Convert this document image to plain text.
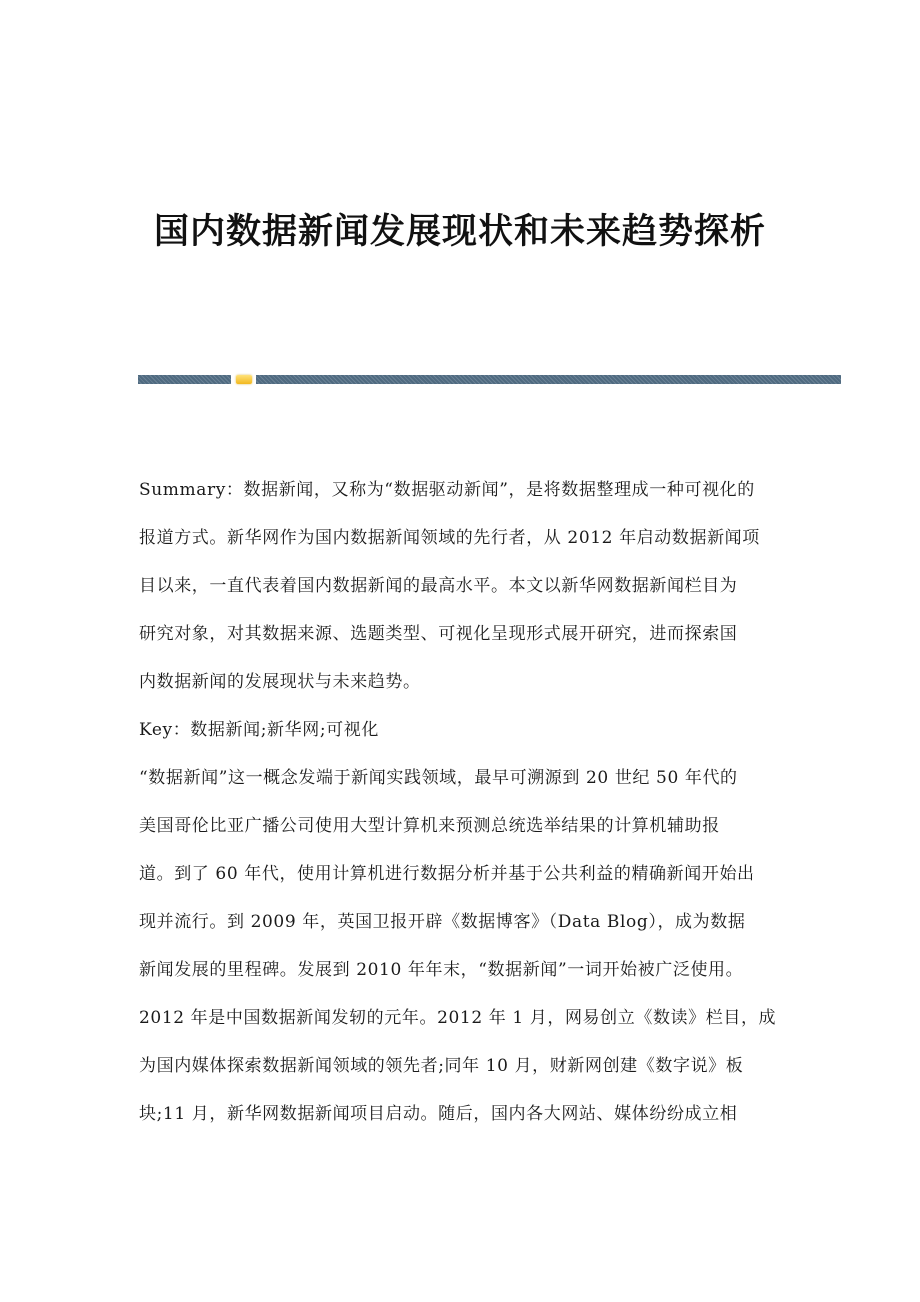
国内数据新闻发展现状和未来趋势探析
Summary：数据新闻，又称为“数据驱动新闻”，是将数据整理成一种可视化的
报道方式。新华网作为国内数据新闻领域的先行者，从 2012 年启动数据新闻项
目以来，一直代表着国内数据新闻的最高水平。本文以新华网数据新闻栏目为
研究对象，对其数据来源、选题类型、可视化呈现形式展开研究，进而探索国
内数据新闻的发展现状与未来趋势。
Key：数据新闻;新华网;可视化
“数据新闻”这一概念发端于新闻实践领域，最早可溯源到 20 世纪 50 年代的
美国哥伦比亚广播公司使用大型计算机来预测总统选举结果的计算机辅助报
道。到了 60 年代，使用计算机进行数据分析并基于公共利益的精确新闻开始出
现并流行。到 2009 年，英国卫报开辟《数据博客》（Data Blog），成为数据
新闻发展的里程碑。发展到 2010 年年末，“数据新闻”一词开始被广泛使用。
2012 年是中国数据新闻发轫的元年。2012 年 1 月，网易创立《数读》栏目，成
为国内媒体探索数据新闻领域的领先者;同年 10 月，财新网创建《数字说》板
块;11 月，新华网数据新闻项目启动。随后，国内各大网站、媒体纷纷成立相
